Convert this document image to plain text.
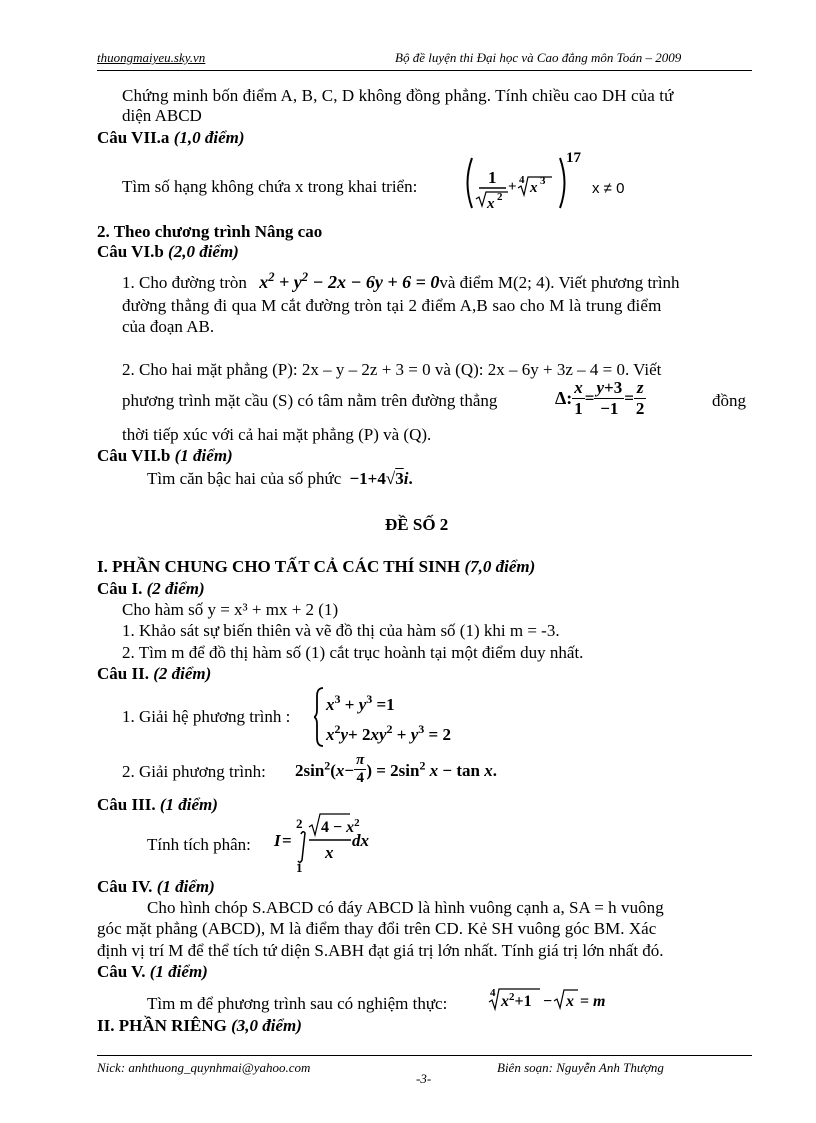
thuongmaiyeu.sky.vn	Bộ đề luyện thi Đại học và Cao đẳng môn Toán – 2009
Chứng minh bốn điểm A, B, C, D không đồng phẳng. Tính chiều cao DH của tứ
diện ABCD
Câu VII.a (1,0 điểm)
Tìm số hạng không chứa x trong khai triển:	1
x 2
+ 4 x 3
17
x ≠ 0
2. Theo chương trình Nâng cao
Câu VI.b (2,0 điểm)
1. Cho đường tròn $x^2 + y^2 - 2x - 6y + 6$ = 0và điểm M(2; 4). Viết phương trình
đường thẳng đi qua M cắt đường tròn tại 2 điểm A,B sao cho M là trung điểm
của đoạn AB.
2. Cho hai mặt phẳng (P): 2x – y – 2z + 3 = 0 và (Q): 2x – 6y + 3z – 4 = 0. Viết
phương trình mặt cầu (S) có tâm nằm trên đường thẳng	Δ: $\frac{x}{1} = \frac{y+3}{-1} = \frac{z}{2}$	đồng
thời tiếp xúc với cả hai mặt phẳng (P) và (Q).
Câu VII.b (1 điểm)
Tìm căn bậc hai của số phức −1+4√3i.
ĐỀ SỐ 2
I. PHẦN CHUNG CHO TẤT CẢ CÁC THÍ SINH (7,0 điểm)
Câu I. (2 điểm)
Cho hàm số y = x³ + mx + 2 (1)
1. Khảo sát sự biến thiên và vẽ đồ thị của hàm số (1) khi m = -3.
2. Tìm m để đồ thị hàm số (1) cắt trục hoành tại một điểm duy nhất.
Câu II. (2 điểm)
1. Giải hệ phương trình :
$x^3 + y^3 =1$
$x^2y+ 2xy^2 + y^3 = 2$
2. Giải phương trình: $2\sin^2(x- \frac{\pi}{4}$ ) = $2\sin^2$ x − tan x.
Câu III. (1 điểm)
Tính tích phân: I =
2
1
$4 - x^2$
x
dx
Câu IV. (1 điểm)
Cho hình chóp S.ABCD có đáy ABCD là hình vuông cạnh a, SA = h vuông
góc mặt phẳng (ABCD), M là điểm thay đổi trên CD. Kẻ SH vuông góc BM. Xác
định vị trí M để thể tích tứ diện S.ABH đạt giá trị lớn nhất. Tính giá trị lớn nhất đó.
Câu V. (1 điểm)
Tìm m để phương trình sau có nghiệm thực:
4 $x^2+1 - x = m$
II. PHẦN RIÊNG (3,0 điểm)
Nick: anhthuong_quynhmai@yahoo.com
-3-
Biên soạn: Nguyễn Anh Thượng
